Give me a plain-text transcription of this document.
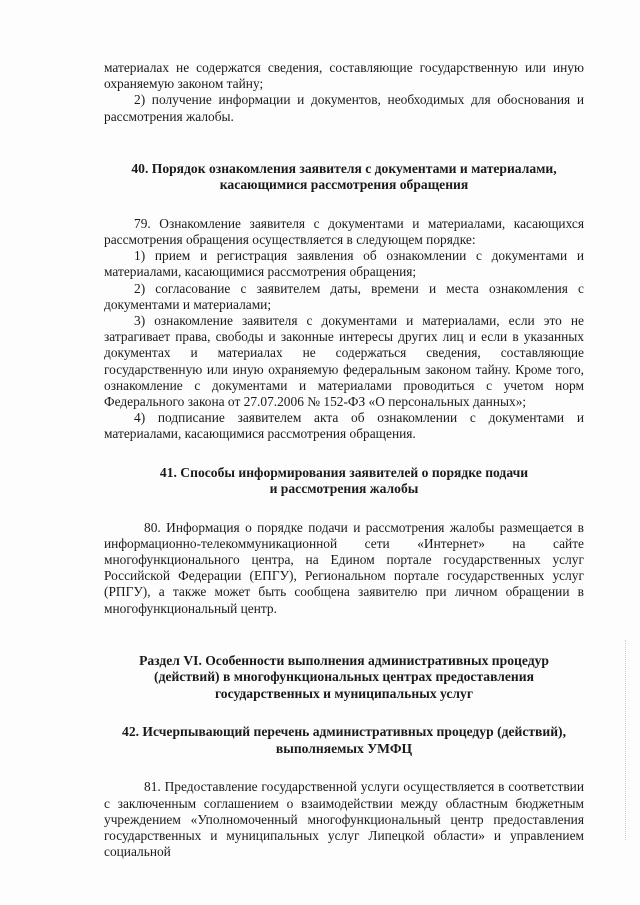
материалах не содержатся сведения, составляющие государственную или иную охраняемую законом тайну;

2) получение информации и документов, необходимых для обоснования и рассмотрения жалобы.

40. Порядок ознакомления заявителя с документами и материалами,
касающимися рассмотрения обращения

79. Ознакомление заявителя с документами и материалами, касающихся рассмотрения обращения осуществляется в следующем порядке:

1) прием и регистрация заявления об ознакомлении с документами и материалами, касающимися рассмотрения обращения;

2) согласование с заявителем даты, времени и места ознакомления с документами и материалами;

3) ознакомление заявителя с документами и материалами, если это не затрагивает права, свободы и законные интересы других лиц и если в указанных документах и материалах не содержаться сведения, составляющие государственную или иную охраняемую федеральным законом тайну. Кроме того, ознакомление с документами и материалами проводиться с учетом норм Федерального закона от 27.07.2006 № 152-ФЗ «О персональных данных»;

4) подписание заявителем акта об ознакомлении с документами и материалами, касающимися рассмотрения обращения.

41. Способы информирования заявителей о порядке подачи
и рассмотрения жалобы

80. Информация о порядке подачи и рассмотрения жалобы размещается в информационно-телекоммуникационной сети «Интернет» на сайте многофункционального центра, на Едином портале государственных услуг Российской Федерации (ЕПГУ), Региональном портале государственных услуг (РПГУ), а также может быть сообщена заявителю при личном обращении в многофункциональный центр.

Раздел VI. Особенности выполнения административных процедур
(действий) в многофункциональных центрах предоставления
государственных и муниципальных услуг
42. Исчерпывающий перечень административных процедур (действий),
выполняемых УМФЦ

81. Предоставление государственной услуги осуществляется в соответствии с заключенным соглашением о взаимодействии между областным бюджетным учреждением «Уполномоченный многофункциональный центр предоставления государственных и муниципальных услуг Липецкой области» и управлением социальной
